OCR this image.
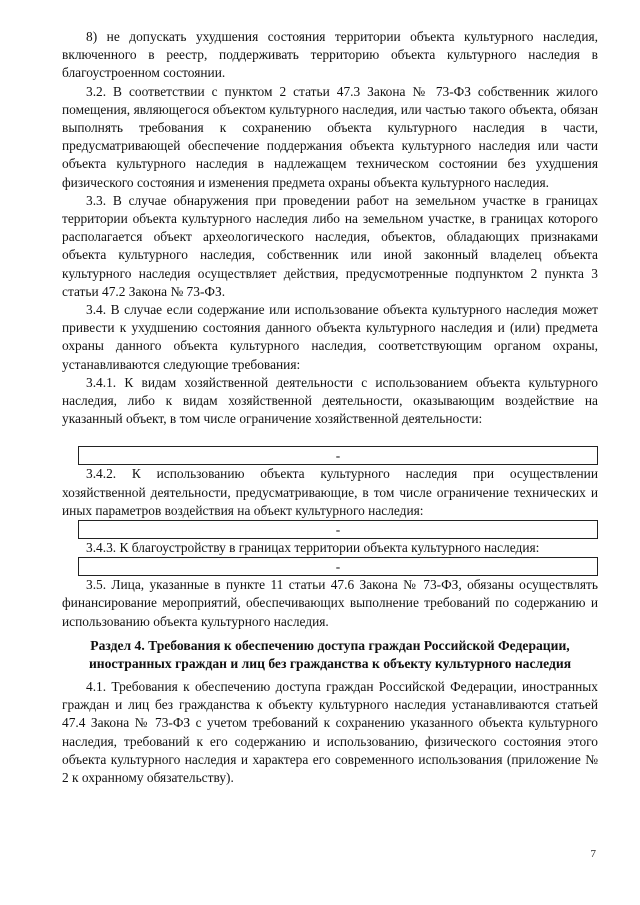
8) не допускать ухудшения состояния территории объекта культурного наследия, включенного в реестр, поддерживать территорию объекта культурного наследия в благоустроенном состоянии.

3.2. В соответствии с пунктом 2 статьи 47.3 Закона № 73-ФЗ собственник жилого помещения, являющегося объектом культурного наследия, или частью такого объекта, обязан выполнять требования к сохранению объекта культурного наследия в части, предусматривающей обеспечение поддержания объекта культурного наследия или части объекта культурного наследия в надлежащем техническом состоянии без ухудшения физического состояния и изменения предмета охраны объекта культурного наследия.

3.3. В случае обнаружения при проведении работ на земельном участке в границах территории объекта культурного наследия либо на земельном участке, в границах которого располагается объект археологического наследия, объектов, обладающих признаками объекта культурного наследия, собственник или иной законный владелец объекта культурного наследия осуществляет действия, предусмотренные подпунктом 2 пункта 3 статьи 47.2 Закона № 73-ФЗ.

3.4. В случае если содержание или использование объекта культурного наследия может привести к ухудшению состояния данного объекта культурного наследия и (или) предмета охраны данного объекта культурного наследия, соответствующим органом охраны, устанавливаются следующие требования:

3.4.1. К видам хозяйственной деятельности с использованием объекта культурного наследия, либо к видам хозяйственной деятельности, оказывающим воздействие на указанный объект, в том числе ограничение хозяйственной деятельности:

-

3.4.2. К использованию объекта культурного наследия при осуществлении хозяйственной деятельности, предусматривающие, в том числе ограничение технических и иных параметров воздействия на объект культурного наследия:

-

3.4.3. К благоустройству в границах территории объекта культурного наследия:

-

3.5. Лица, указанные в пункте 11 статьи 47.6 Закона № 73-ФЗ, обязаны осуществлять финансирование мероприятий, обеспечивающих выполнение требований по содержанию и использованию объекта культурного наследия.

Раздел 4. Требования к обеспечению доступа граждан Российской Федерации, иностранных граждан и лиц без гражданства к объекту культурного наследия

4.1. Требования к обеспечению доступа граждан Российской Федерации, иностранных граждан и лиц без гражданства к объекту культурного наследия устанавливаются статьей 47.4 Закона № 73-ФЗ с учетом требований к сохранению указанного объекта культурного наследия, требований к его содержанию и использованию, физического состояния этого объекта культурного наследия и характера его современного использования (приложение № 2 к охранному обязательству).

7
